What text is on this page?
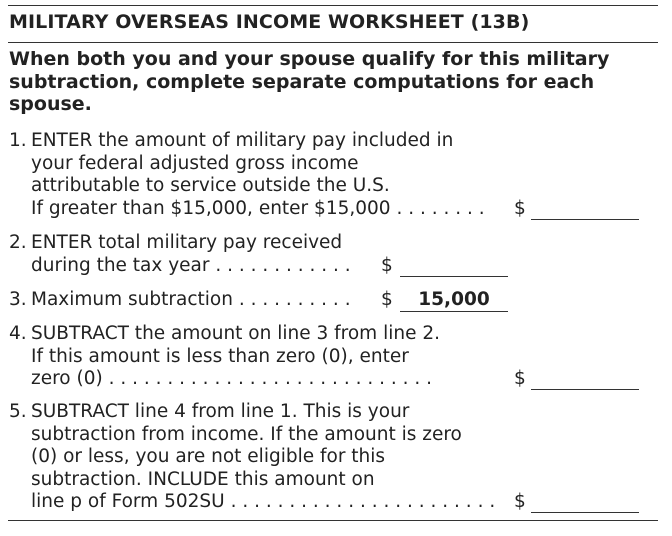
MILITARY OVERSEAS INCOME WORKSHEET (13B)

When both you and your spouse qualify for this military subtraction, complete separate computations for each spouse.

1. ENTER the amount of military pay included in
your federal adjusted gross income
attributable to service outside the U.S.
If greater than $15,000, enter $15,000 . . . . . . . . $
2. ENTER total military pay received
during the tax year . . . . . . . . . . . . $
3. Maximum subtraction . . . . . . . . . . $	15,000
4. SUBTRACT the amount on line 3 from line 2.
If this amount is less than zero (0), enter
zero (0) . . . . . . . . . . . . . . . . . . . . . . . . . . . .	$
5. SUBTRACT line 4 from line 1. This is your
subtraction from income. If the amount is zero
(0) or less, you are not eligible for this
subtraction. INCLUDE this amount on
line p of Form 502SU . . . . . . . . . . . . . . . . . . . . . . . $
